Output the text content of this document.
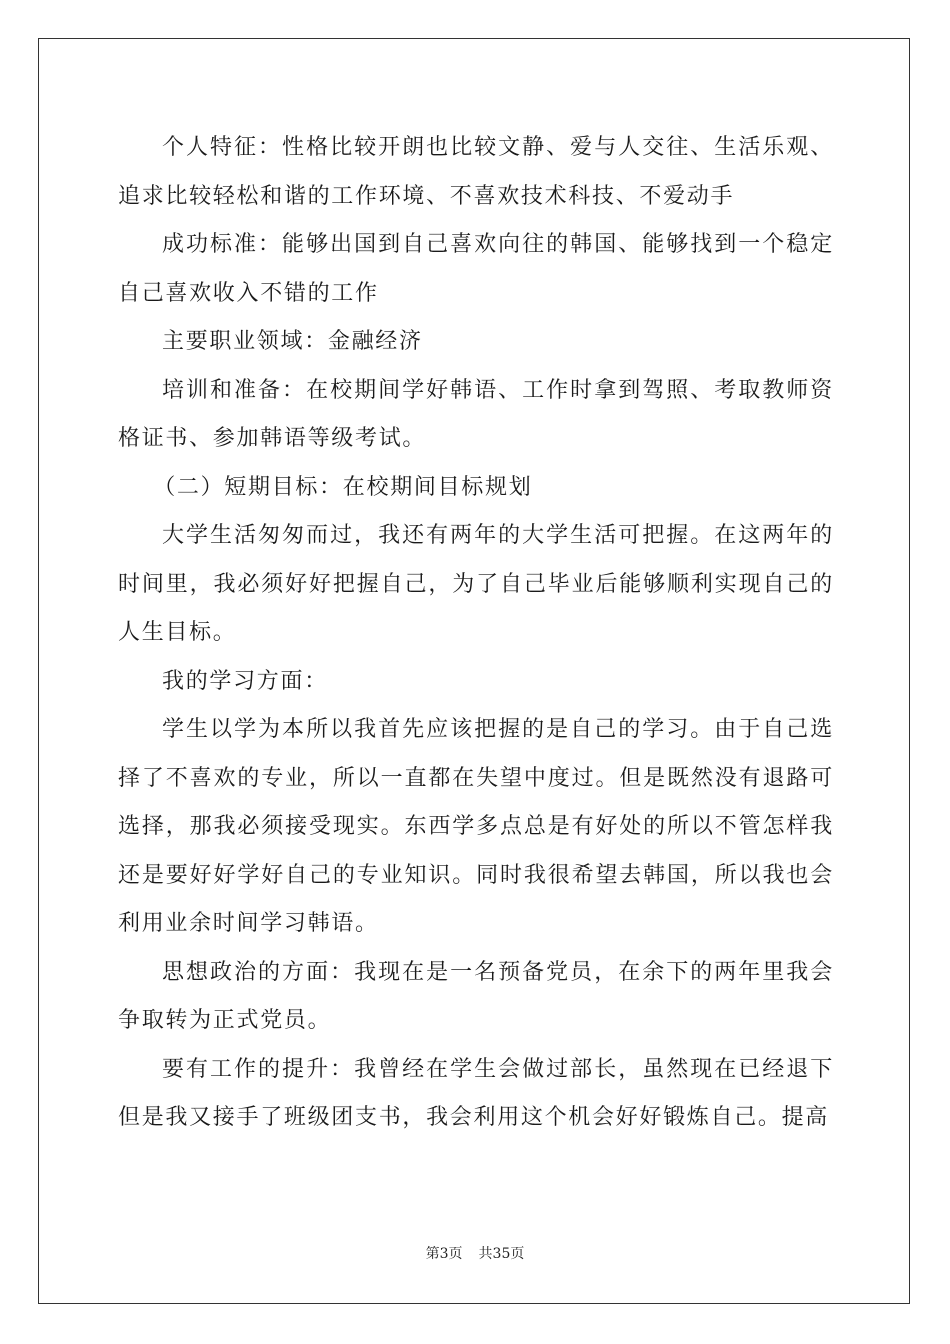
个人特征：性格比较开朗也比较文静、爱与人交往、生活乐观、追求比较轻松和谐的工作环境、不喜欢技术科技、不爱动手

成功标准：能够出国到自己喜欢向往的韩国、能够找到一个稳定自己喜欢收入不错的工作

主要职业领域：金融经济

培训和准备：在校期间学好韩语、工作时拿到驾照、考取教师资格证书、参加韩语等级考试。

（二）短期目标：在校期间目标规划

大学生活匆匆而过，我还有两年的大学生活可把握。在这两年的时间里，我必须好好把握自己，为了自己毕业后能够顺利实现自己的人生目标。

我的学习方面：

学生以学为本所以我首先应该把握的是自己的学习。由于自己选择了不喜欢的专业，所以一直都在失望中度过。但是既然没有退路可选择，那我必须接受现实。东西学多点总是有好处的所以不管怎样我还是要好好学好自己的专业知识。同时我很希望去韩国，所以我也会利用业余时间学习韩语。

思想政治的方面：我现在是一名预备党员，在余下的两年里我会争取转为正式党员。

要有工作的提升：我曾经在学生会做过部长，虽然现在已经退下但是我又接手了班级团支书，我会利用这个机会好好锻炼自己。提高

第3页 共35页
